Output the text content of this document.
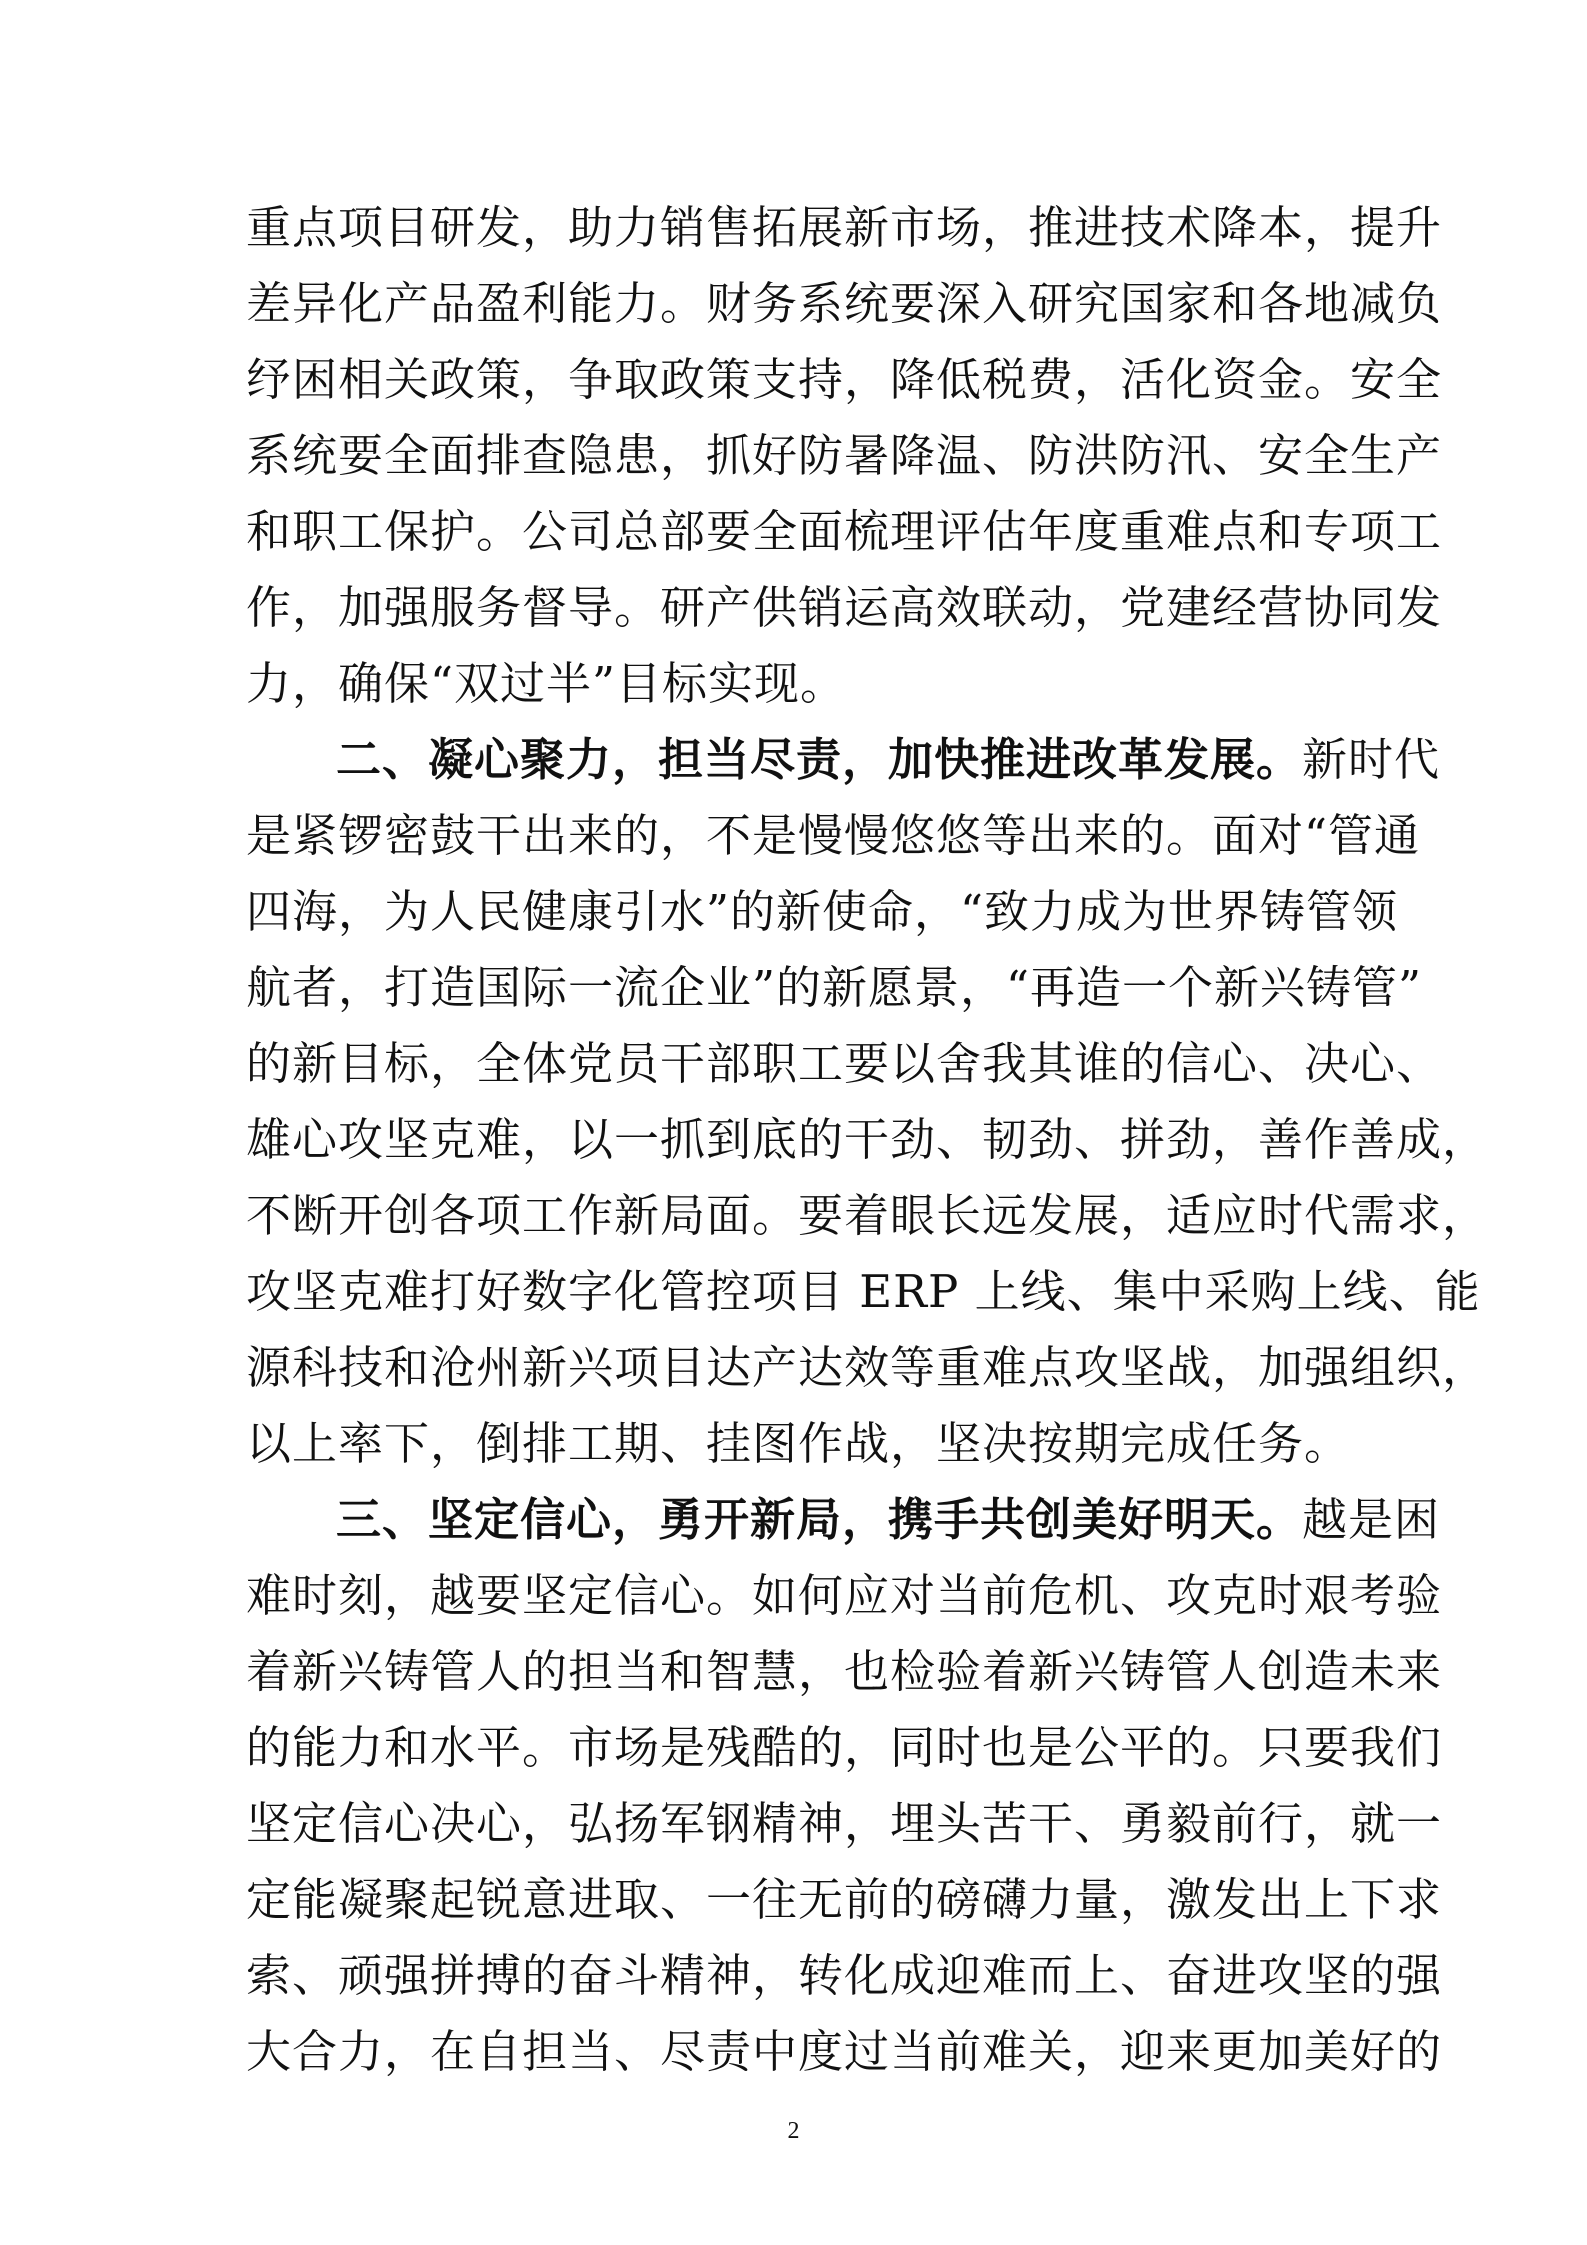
重点项目研发，助力销售拓展新市场，推进技术降本，提升
差异化产品盈利能力。财务系统要深入研究国家和各地减负
纾困相关政策，争取政策支持，降低税费，活化资金。安全
系统要全面排查隐患，抓好防暑降温、防洪防汛、安全生产
和职工保护。公司总部要全面梳理评估年度重难点和专项工
作，加强服务督导。研产供销运高效联动，党建经营协同发
力，确保“双过半”目标实现。
二、凝心聚力，担当尽责，加快推进改革发展。新时代
是紧锣密鼓干出来的，不是慢慢悠悠等出来的。面对“管通
四海，为人民健康引水”的新使命，“致力成为世界铸管领
航者，打造国际一流企业”的新愿景，“再造一个新兴铸管”
的新目标，全体党员干部职工要以舍我其谁的信心、决心、
雄心攻坚克难，以一抓到底的干劲、韧劲、拼劲，善作善成，
不断开创各项工作新局面。要着眼长远发展，适应时代需求，
攻坚克难打好数字化管控项目 ERP 上线、集中采购上线、能
源科技和沧州新兴项目达产达效等重难点攻坚战，加强组织，
以上率下，倒排工期、挂图作战，坚决按期完成任务。
三、坚定信心，勇开新局，携手共创美好明天。越是困
难时刻，越要坚定信心。如何应对当前危机、攻克时艰考验
着新兴铸管人的担当和智慧，也检验着新兴铸管人创造未来
的能力和水平。市场是残酷的，同时也是公平的。只要我们
坚定信心决心，弘扬军钢精神，埋头苦干、勇毅前行，就一
定能凝聚起锐意进取、一往无前的磅礴力量，激发出上下求
索、顽强拼搏的奋斗精神，转化成迎难而上、奋进攻坚的强
大合力，在自担当、尽责中度过当前难关，迎来更加美好的
2
